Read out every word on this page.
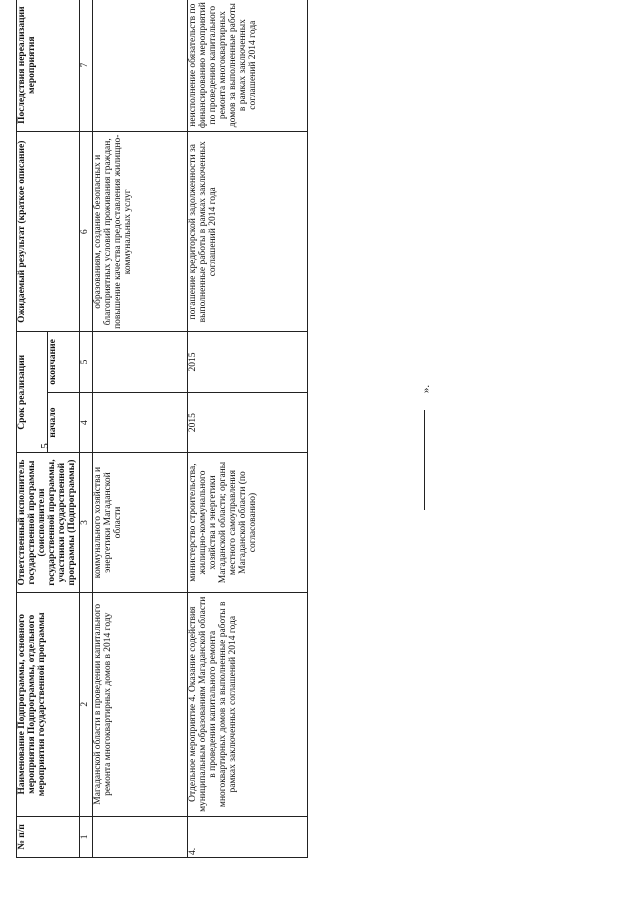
№ п/п	Наименование Подпрограммы, основного мероприятия Подпрограммы, отдельного мероприятия государственной программы	Ответственный исполнитель государственной программы (соисполнители государственной программы, участники государственной программы (Подпрограммы)	Срок реализации		Ожидаемый результат (краткое описание)	Последствия нереализации мероприятия
			начало	окончание		
1	2	3	4	5	6	7
	Магаданской области в проведении капитального ремонта многоквартирных домов в 2014 году	коммунального хозяйства и энергетики Магаданской области			образованиям, создание безопасных и благоприятных условий проживания граждан, повышение качества предоставления жилищно-коммунальных услуг	
4.	Отдельное мероприятие 4. Оказание содействия муниципальным образованиям Магаданской области в проведении капитального ремонта многоквартирных домов за выполненные работы в рамках заключенных соглашений 2014 года	министерство строительства, жилищно-коммунального хозяйства и энергетики Магаданской области; органы местного самоуправления Магаданской области (по согласованию)	2015	2015	погашение кредиторской задолженности за выполненные работы в рамках заключенных соглашений 2014 года	неисполнение обязательств по финансированию мероприятий по проведению капитального ремонта многоквартирных домов за выполненные работы в рамках заключенных соглашений 2014 года
5
».
